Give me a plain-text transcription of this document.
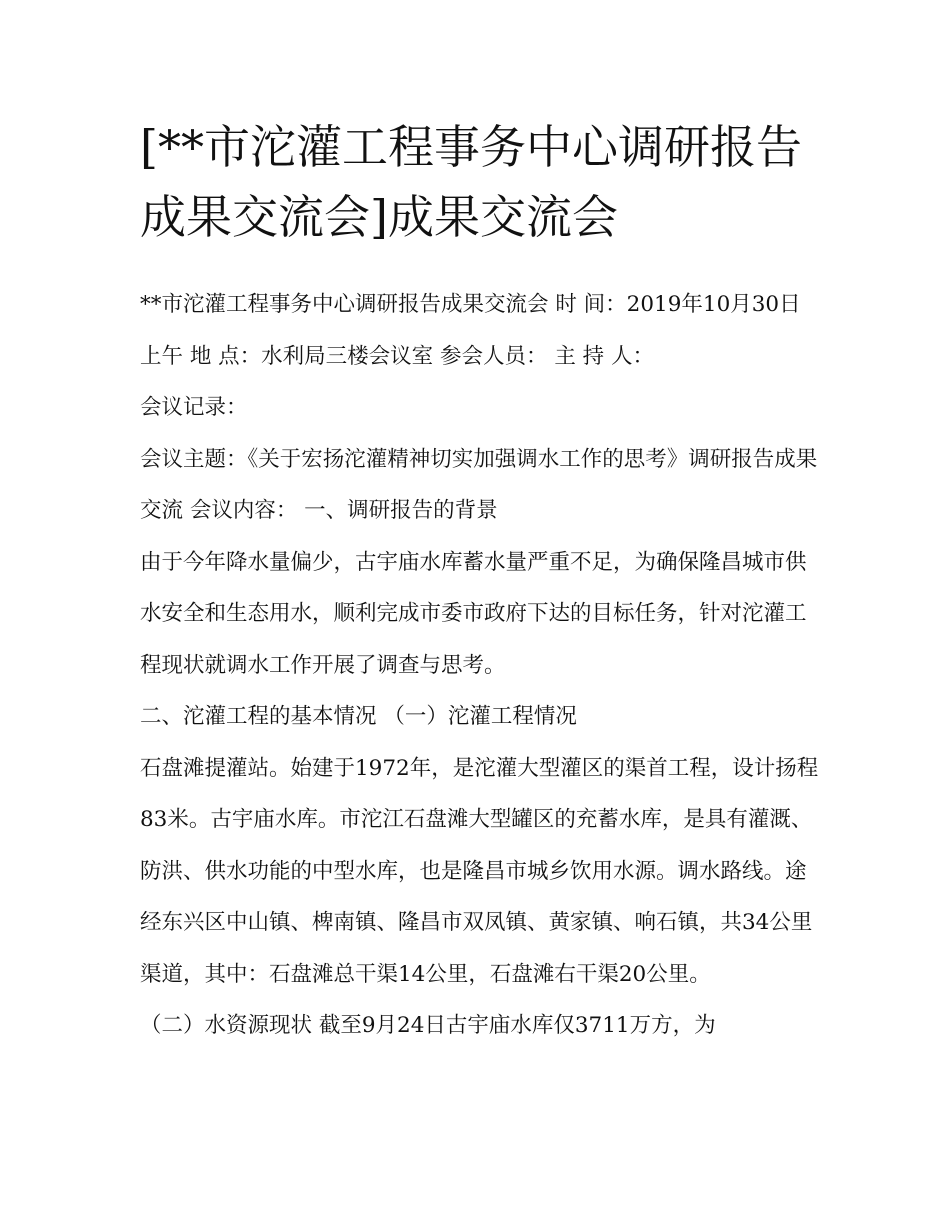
[**市沱灌工程事务中心调研报告成果交流会]成果交流会

**市沱灌工程事务中心调研报告成果交流会 时 间：2019年10月30日上午 地 点：水利局三楼会议室 参会人员： 主 持 人：

会议记录：

会议主题：《关于宏扬沱灌精神切实加强调水工作的思考》调研报告成果交流 会议内容： 一、调研报告的背景

由于今年降水量偏少，古宇庙水库蓄水量严重不足，为确保隆昌城市供水安全和生态用水，顺利完成市委市政府下达的目标任务，针对沱灌工程现状就调水工作开展了调查与思考。

二、沱灌工程的基本情况 （一）沱灌工程情况

石盘滩提灌站。始建于1972年，是沱灌大型灌区的渠首工程，设计扬程83米。古宇庙水库。市沱江石盘滩大型罐区的充蓄水库，是具有灌溉、防洪、供水功能的中型水库，也是隆昌市城乡饮用水源。调水路线。途经东兴区中山镇、椑南镇、隆昌市双凤镇、黄家镇、响石镇，共34公里渠道，其中：石盘滩总干渠14公里，石盘滩右干渠20公里。

（二）水资源现状 截至9月24日古宇庙水库仅3711万方，为
